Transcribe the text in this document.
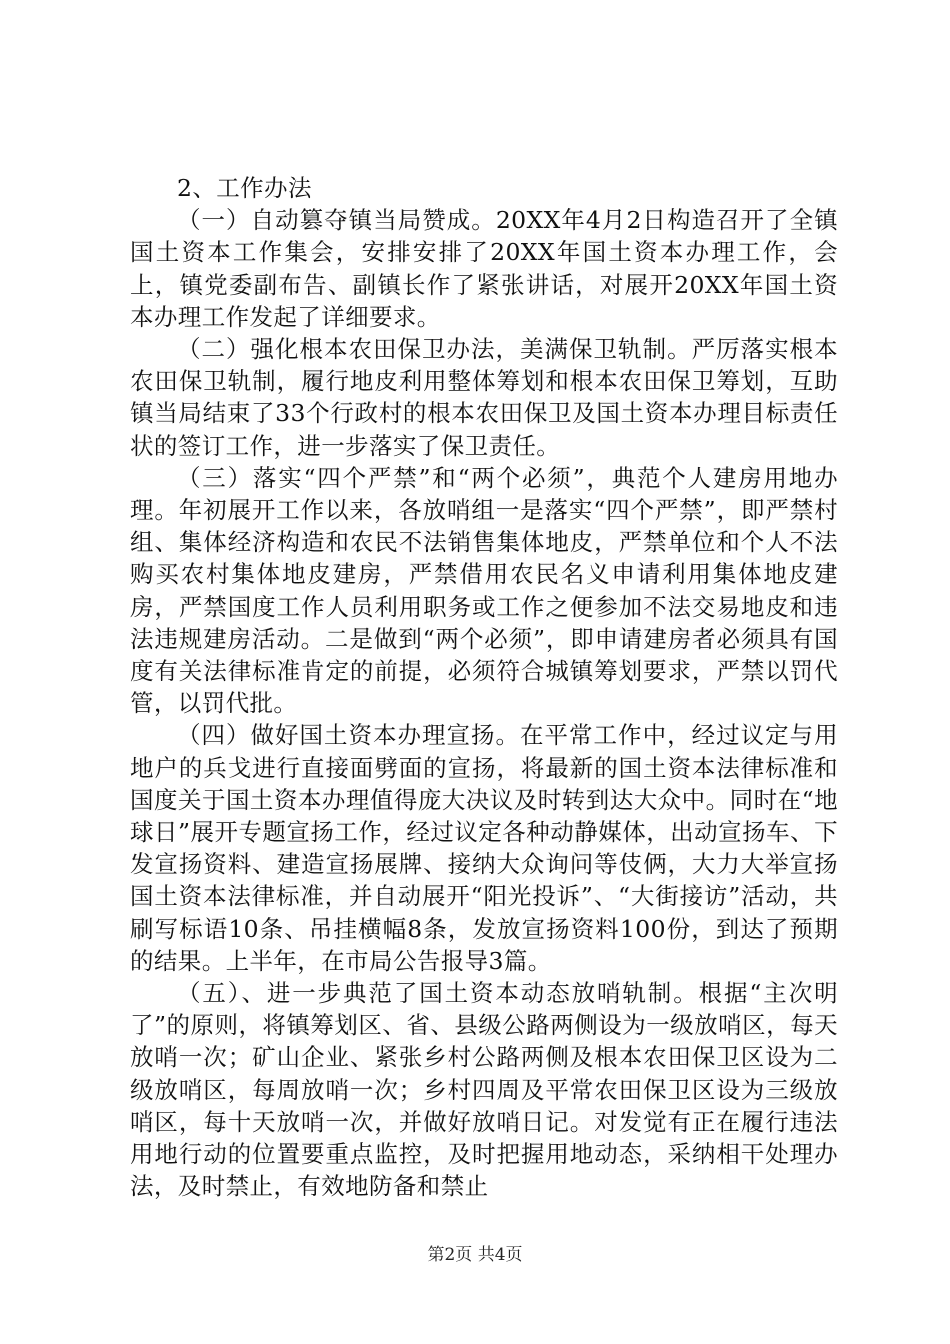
2、工作办法

（一）自动篡夺镇当局赞成。20XX年4月2日构造召开了全镇国土资本工作集会，安排安排了20XX年国土资本办理工作，会上，镇党委副布告、副镇长作了紧张讲话，对展开20XX年国土资本办理工作发起了详细要求。

（二）强化根本农田保卫办法，美满保卫轨制。严厉落实根本农田保卫轨制，履行地皮利用整体筹划和根本农田保卫筹划，互助镇当局结束了33个行政村的根本农田保卫及国土资本办理目标责任状的签订工作，进一步落实了保卫责任。

（三）落实“四个严禁”和“两个必须”，典范个人建房用地办理。年初展开工作以来，各放哨组一是落实“四个严禁”，即严禁村组、集体经济构造和农民不法销售集体地皮，严禁单位和个人不法购买农村集体地皮建房，严禁借用农民名义申请利用集体地皮建房，严禁国度工作人员利用职务或工作之便参加不法交易地皮和违法违规建房活动。二是做到“两个必须”，即申请建房者必须具有国度有关法律标准肯定的前提，必须符合城镇筹划要求，严禁以罚代管，以罚代批。

（四）做好国土资本办理宣扬。在平常工作中，经过议定与用地户的兵戈进行直接面劈面的宣扬，将最新的国土资本法律标准和国度关于国土资本办理值得庞大决议及时转到达大众中。同时在“地球日”展开专题宣扬工作，经过议定各种动静媒体，出动宣扬车、下发宣扬资料、建造宣扬展牌、接纳大众询问等伎俩，大力大举宣扬国土资本法律标准，并自动展开“阳光投诉”、“大街接访”活动，共刷写标语10条、吊挂横幅8条，发放宣扬资料100份，到达了预期的结果。上半年，在市局公告报导3篇。

（五）、进一步典范了国土资本动态放哨轨制。根据“主次明了”的原则，将镇筹划区、省、县级公路两侧设为一级放哨区，每天放哨一次；矿山企业、紧张乡村公路两侧及根本农田保卫区设为二级放哨区，每周放哨一次；乡村四周及平常农田保卫区设为三级放哨区，每十天放哨一次，并做好放哨日记。对发觉有正在履行违法用地行动的位置要重点监控，及时把握用地动态，采纳相干处理办法，及时禁止，有效地防备和禁止

第2页 共4页
